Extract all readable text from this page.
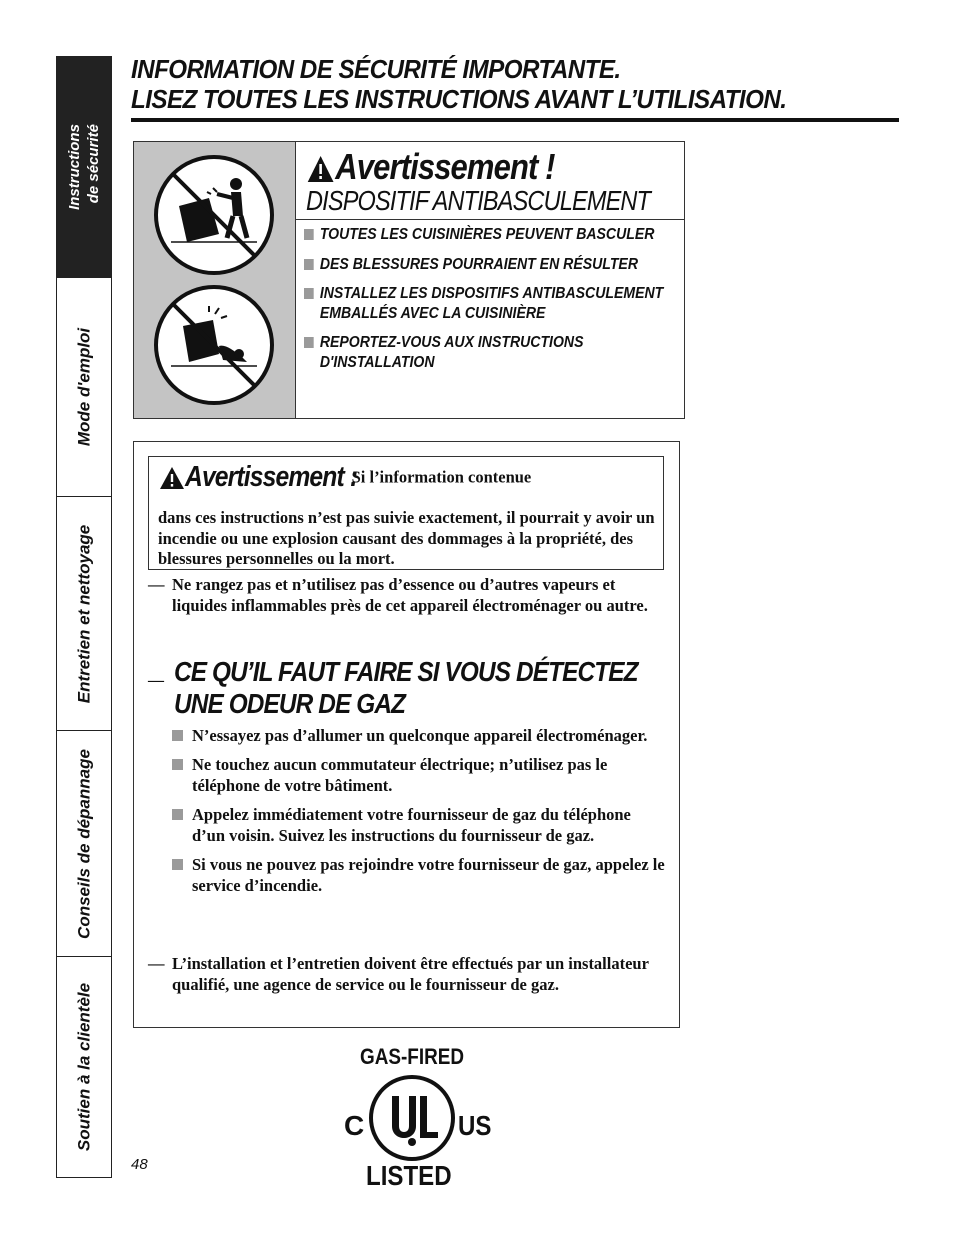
Instructions de sécurité
Mode d'emploi
Entretien et nettoyage
Conseils de dépannage
Soutien à la clientèle
INFORMATION DE SÉCURITÉ IMPORTANTE.
LISEZ TOUTES LES INSTRUCTIONS AVANT L’UTILISATION.
Avertissement !
DISPOSITIF ANTIBASCULEMENT
TOUTES LES CUISINIÈRES PEUVENT BASCULER
DES BLESSURES POURRAIENT EN RÉSULTER
INSTALLEZ LES DISPOSITIFS ANTIBASCULEMENT EMBALLÉS AVEC LA CUISINIÈRE
REPORTEZ-VOUS AUX INSTRUCTIONS D'INSTALLATION
Avertissement : Si l’information contenue
dans ces instructions n’est pas suivie exactement, il pourrait y avoir un incendie ou une explosion causant des dommages à la propriété, des blessures personnelles ou la mort.
— Ne rangez pas et n’utilisez pas d’essence ou d’autres vapeurs et liquides inflammables près de cet appareil électroménager ou autre.
— CE QU’IL FAUT FAIRE SI VOUS DÉTECTEZ UNE ODEUR DE GAZ
N’essayez pas d’allumer un quelconque appareil électroménager.
Ne touchez aucun commutateur électrique; n’utilisez pas le téléphone de votre bâtiment.
Appelez immédiatement votre fournisseur de gaz du téléphone d’un voisin. Suivez les instructions du fournisseur de gaz.
Si vous ne pouvez pas rejoindre votre fournisseur de gaz, appelez le service d’incendie.
— L’installation et l’entretien doivent être effectués par un installateur qualifié, une agence de service ou le fournisseur de gaz.
GAS-FIRED
C	US
LISTED
48
